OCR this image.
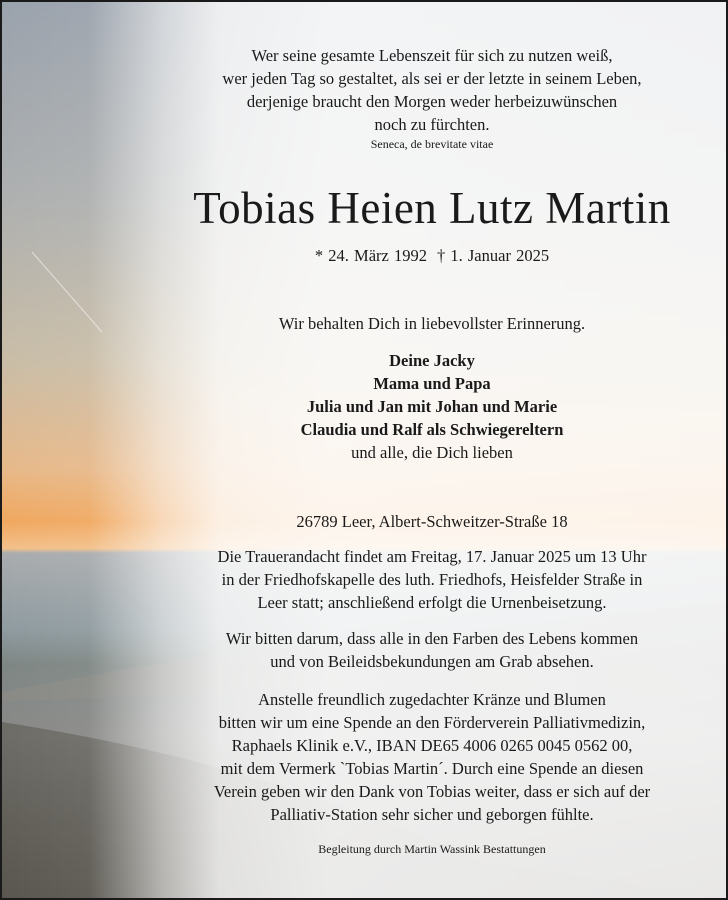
Wer seine gesamte Lebenszeit für sich zu nutzen weiß,
wer jeden Tag so gestaltet, als sei er der letzte in seinem Leben,
derjenige braucht den Morgen weder herbeizuwünschen
noch zu fürchten.
Seneca, de brevitate vitae
Tobias Heien Lutz Martin
* 24. März 1992 † 1. Januar 2025
Wir behalten Dich in liebevollster Erinnerung.
Deine Jacky
Mama und Papa
Julia und Jan mit Johan und Marie
Claudia und Ralf als Schwiegereltern
und alle, die Dich lieben
26789 Leer, Albert-Schweitzer-Straße 18
Die Trauerandacht findet am Freitag, 17. Januar 2025 um 13 Uhr
in der Friedhofskapelle des luth. Friedhofs, Heisfelder Straße in
Leer statt; anschließend erfolgt die Urnenbeisetzung.
Wir bitten darum, dass alle in den Farben des Lebens kommen
und von Beileidsbekundungen am Grab absehen.
Anstelle freundlich zugedachter Kränze und Blumen
bitten wir um eine Spende an den Förderverein Palliativmedizin,
Raphaels Klinik e.V., IBAN DE65 4006 0265 0045 0562 00,
mit dem Vermerk `Tobias Martin´. Durch eine Spende an diesen
Verein geben wir den Dank von Tobias weiter, dass er sich auf der
Palliativ-Station sehr sicher und geborgen fühlte.
Begleitung durch Martin Wassink Bestattungen
